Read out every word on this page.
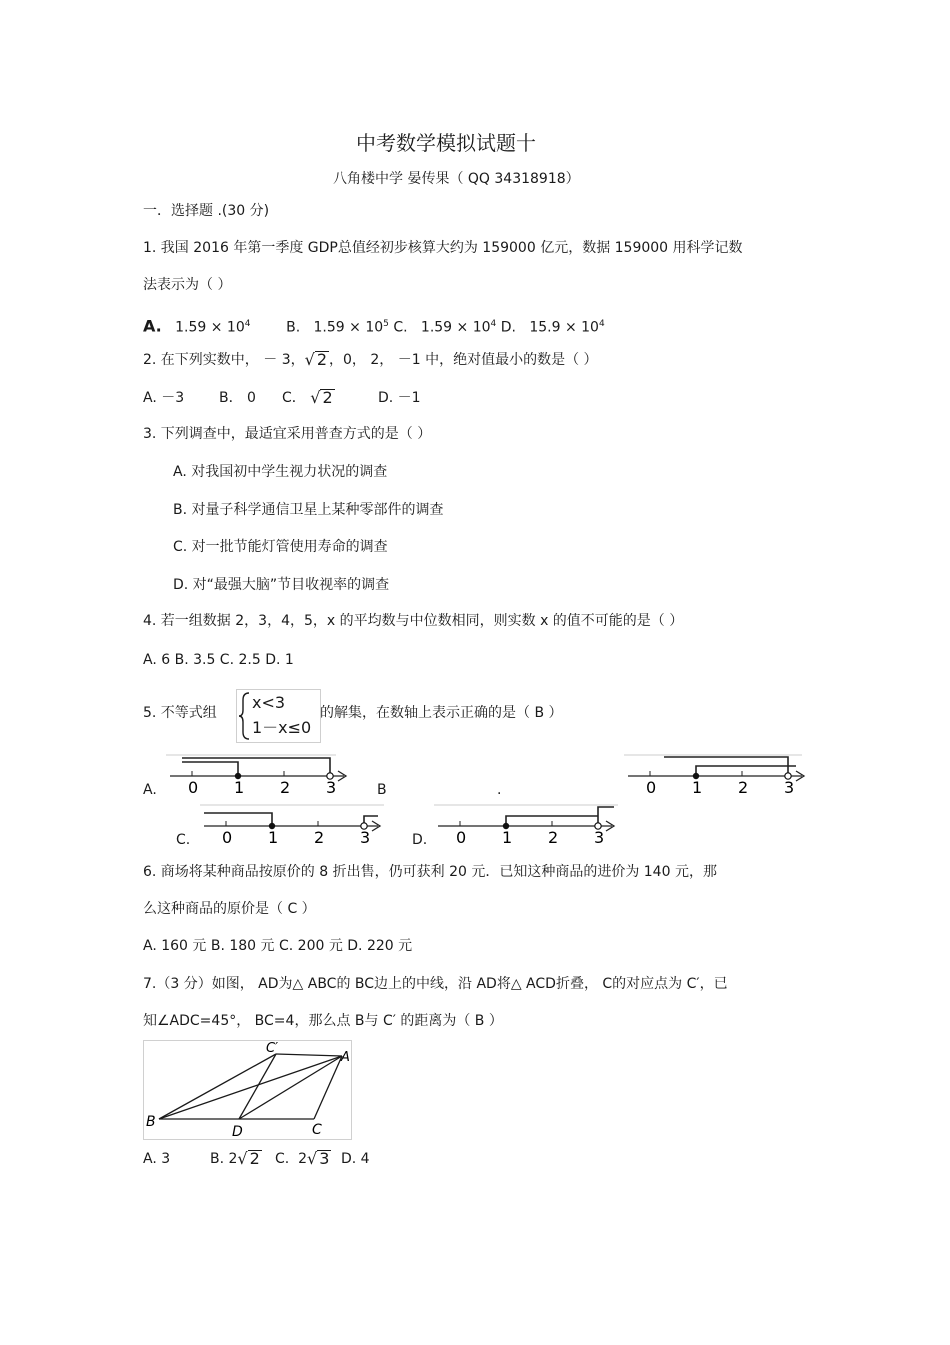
中考数学模拟试题十
八角楼中学 晏传果（ QQ 34318918）
一．选择题 .(30 分)
1. 我国 2016 年第一季度 GDP总值经初步核算大约为 159000 亿元，数据 159000 用科学记数
法表示为（ ）
A. $1.59 \times 10^4$	B. $1.59 \times 10^5$ C. $1.59 \times 10^4$ D. $15.9 \times 10^4$
2. 在下列实数中， － 3，√ 2 ，0， 2， －1 中，绝对值最小的数是（ ）
A. －3 B． 0 C． √ 2	D. －1
3. 下列调查中，最适宜采用普查方式的是（ ）
A. 对我国初中学生视力状况的调查
B. 对量子科学通信卫星上某种零部件的调查
C. 对一批节能灯管使用寿命的调查
D. 对“最强大脑”节目收视率的调查
4. 若一组数据 2，3，4，5，x 的平均数与中位数相同，则实数 x 的值不可能的是（ ）
A. 6 B. 3.5 C. 2.5 D. 1
5. 不等式组
x<3
1－x≤0
的解集，在数轴上表示正确的是（ B ）
A.	B	.
C.	D.
0 1 2 3	0 1 2 3
0 1 2 3	0 1 2 3
6. 商场将某种商品按原价的 8 折出售，仍可获利 20 元．已知这种商品的进价为 140 元，那
么这种商品的原价是（ C ）
A. 160 元 B. 180 元 C. 200 元 D. 220 元
7.（3 分）如图， AD为△ ABC的 BC边上的中线，沿 AD将△ ACD折叠， C的对应点为 C′，已
知∠ADC=45°， BC=4，那么点 B与 C′ 的距离为（ B ）
B
D	C
A
C′
A. 3	B. 2√ 2 C.  2√ 3 D. 4
